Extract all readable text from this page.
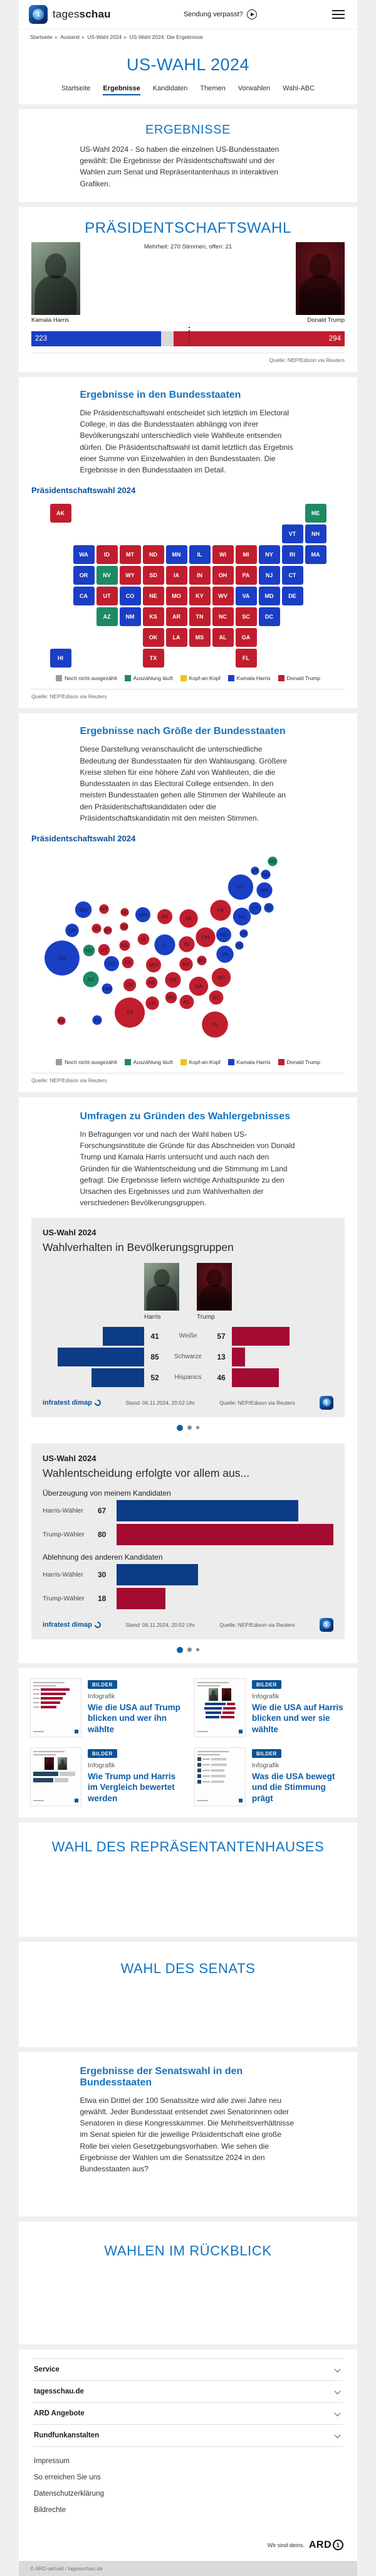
1	tagesschau	Sendung verpasst?
Startseite ▸ Ausland ▸ US-Wahl 2024 ▸ US-Wahl 2024: Die Ergebnisse
US-WAHL 2024
Startseite Ergebnisse Kandidaten Themen Vorwahlen Wahl-ABC
ERGEBNISSE

US-Wahl 2024 - So haben die einzelnen US-Bundesstaaten gewählt: Die Ergebnisse der Präsidentschaftswahl und der Wahlen zum Senat und Repräsentantenhaus in interaktiven Grafiken.

PRÄSIDENTSCHAFTSWAHL
Mehrheit: 270 Stimmen, offen: 21
Kamala Harris	Donald Trump
223	294
Quelle: NEP/Edison via Reuters
Ergebnisse in den Bundesstaaten

Die Präsidentschaftswahl entscheidet sich letztlich im Electoral College, in das die Bundesstaaten abhängig von ihrer Bevölkerungszahl unterschiedlich viele Wahlleute entsenden dürfen. Die Präsidentschaftswahl ist damit letztlich das Ergebnis einer Summe von Einzelwahlen in den Bundesstaaten. Die Ergebnisse in den Bundesstaaten im Detail.

Präsidentschaftswahl 2024
WA
OR
CA
NV
ID	MT
WY
UT
AZ
CO
NM
ND
SD
NE
KS
OK
TX
MN
IA
MO
AR
LA
WI
IL	MI
IN	OH
KY
TN
MS	AL	GA
FL
SC
NC
VA
WV
PA
NY
ME
VT	NH
MA
RI
CT
NJ
DE
MD
DC
AK
HI
Noch nicht ausgezählt	Auszählung läuft	Kopf-an-Kopf	Kamala Harris	Donald Trump
Quelle: NEP/Edison via Reuters
Ergebnisse nach Größe der Bundesstaaten

Diese Darstellung veranschaulicht die unterschiedliche Bedeutung der Bundesstaaten für den Wahlausgang. Größere Kreise stehen für eine höhere Zahl von Wahlleuten, die die Bundesstaaten in das Electoral College entsenden. In den meisten Bundesstaaten gehen alle Stimmen der Wahlleute an den Präsidentschaftskandidaten oder die Präsidentschaftskandidatin mit den meisten Stimmen.

Präsidentschaftswahl 2024
WA
OR
CA
NV
ID
MT
WY
UT
AZ
CO
NM
ND
SD
NE
KS
OK
TX
MN
IA
MO
AR
LA
WI
IL
MI
IN
OH
KY
TN
MS
AL
GA
FL
SC
NC
VA
WV
PA
NY
ME
VT
NH
MA
RI
CT
NJ
DE
MD
DC
AK	HI
Noch nicht ausgezählt	Auszählung läuft	Kopf-an-Kopf	Kamala Harris	Donald Trump
Quelle: NEP/Edison via Reuters
Umfragen zu Gründen des Wahlergebnisses

In Befragungen vor und nach der Wahl haben US-Forschungsinstitute die Gründe für das Abschneiden von Donald Trump und Kamala Harris untersucht und auch nach den Gründen für die Wahlentscheidung und die Stimmung im Land gefragt. Die Ergebnisse liefern wichtige Anhaltspunkte zu den Ursachen des Ergebnisses und zum Wahlverhalten der verschiedenen Bevölkerungsgruppen.

US-Wahl 2024
Wahlverhalten in Bevölkerungsgruppen
Harris	Trump
41	Weiße	57
85	Schwarze	13
52	Hispanics	46
infratest dimap	Stand: 06.11.2024, 20:52 Uhr	Quelle: NEP/Edison via Reuters	1
US-Wahl 2024
Wahlentscheidung erfolgte vor allem aus...
Überzeugung von meinem Kandidaten
Harris-Wähler	67
Trump-Wähler	80
Ablehnung des anderen Kandidaten
Harris-Wähler	30
Trump-Wähler	18
infratest dimap	Stand: 06.11.2024, 20:52 Uhr	Quelle: NEP/Edison via Reuters	1
BILDER
Infografik
Wie die USA auf Trump blicken und wer ihn wählte
BILDER
Infografik
Wie die USA auf Harris blicken und wer sie wählte
BILDER
Infografik
Wie Trump und Harris im Vergleich bewertet werden
BILDER
Infografik
Was die USA bewegt und die Stimmung prägt
WAHL DES REPRÄSENTANTENHAUSES
WAHL DES SENATS
Ergebnisse der Senatswahl in den Bundesstaaten

Etwa ein Drittel der 100 Senatssitze wird alle zwei Jahre neu gewählt. Jeder Bundesstaat entsendet zwei Senatorinnen oder Senatoren in diese Kongresskammer. Die Mehrheitsverhältnisse im Senat spielen für die jeweilige Präsidentschaft eine große Rolle bei vielen Gesetzgebungsvorhaben. Wie sehen die Ergebnisse der Wahlen um die Senatssitze 2024 in den Bundesstaaten aus?

WAHLEN IM RÜCKBLICK
Service
tagesschau.de
ARD Angebote
Rundfunkanstalten
Impressum
So erreichen Sie uns
Datenschutzerklärung
Bildrechte
Wir sind deins. ARD 1
© ARD-aktuell / tagesschau.de
